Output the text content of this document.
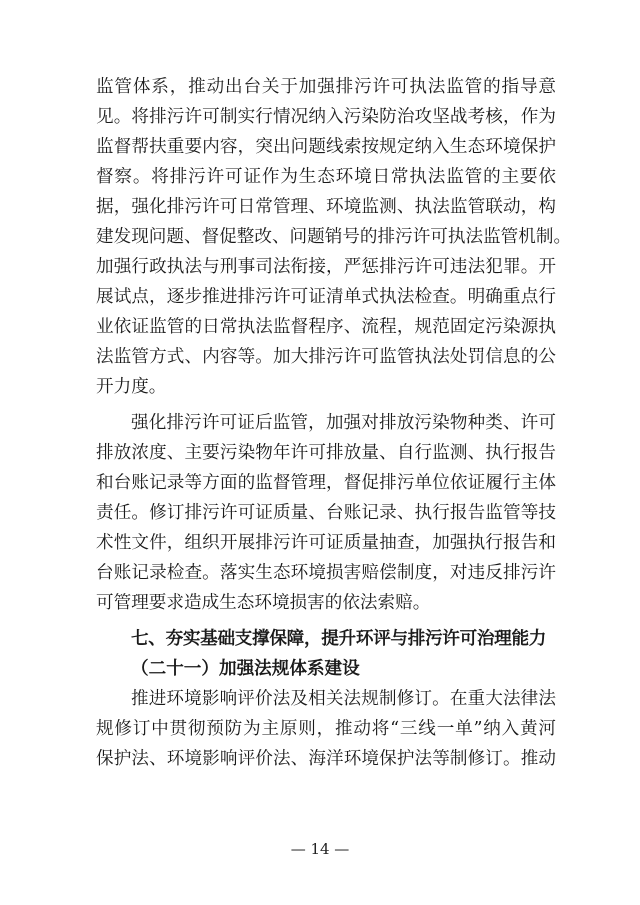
监管体系，推动出台关于加强排污许可执法监管的指导意
见。将排污许可制实行情况纳入污染防治攻坚战考核，作为
监督帮扶重要内容，突出问题线索按规定纳入生态环境保护
督察。将排污许可证作为生态环境日常执法监管的主要依
据，强化排污许可日常管理、环境监测、执法监管联动，构
建发现问题、督促整改、问题销号的排污许可执法监管机制。
加强行政执法与刑事司法衔接，严惩排污许可违法犯罪。开
展试点，逐步推进排污许可证清单式执法检查。明确重点行
业依证监管的日常执法监督程序、流程，规范固定污染源执
法监管方式、内容等。加大排污许可监管执法处罚信息的公
开力度。
强化排污许可证后监管，加强对排放污染物种类、许可
排放浓度、主要污染物年许可排放量、自行监测、执行报告
和台账记录等方面的监督管理，督促排污单位依证履行主体
责任。修订排污许可证质量、台账记录、执行报告监管等技
术性文件，组织开展排污许可证质量抽查，加强执行报告和
台账记录检查。落实生态环境损害赔偿制度，对违反排污许
可管理要求造成生态环境损害的依法索赔。
七、夯实基础支撑保障，提升环评与排污许可治理能力
（二十一）加强法规体系建设
推进环境影响评价法及相关法规制修订。在重大法律法
规修订中贯彻预防为主原则，推动将“三线一单”纳入黄河
保护法、环境影响评价法、海洋环境保护法等制修订。推动
— 14 —
